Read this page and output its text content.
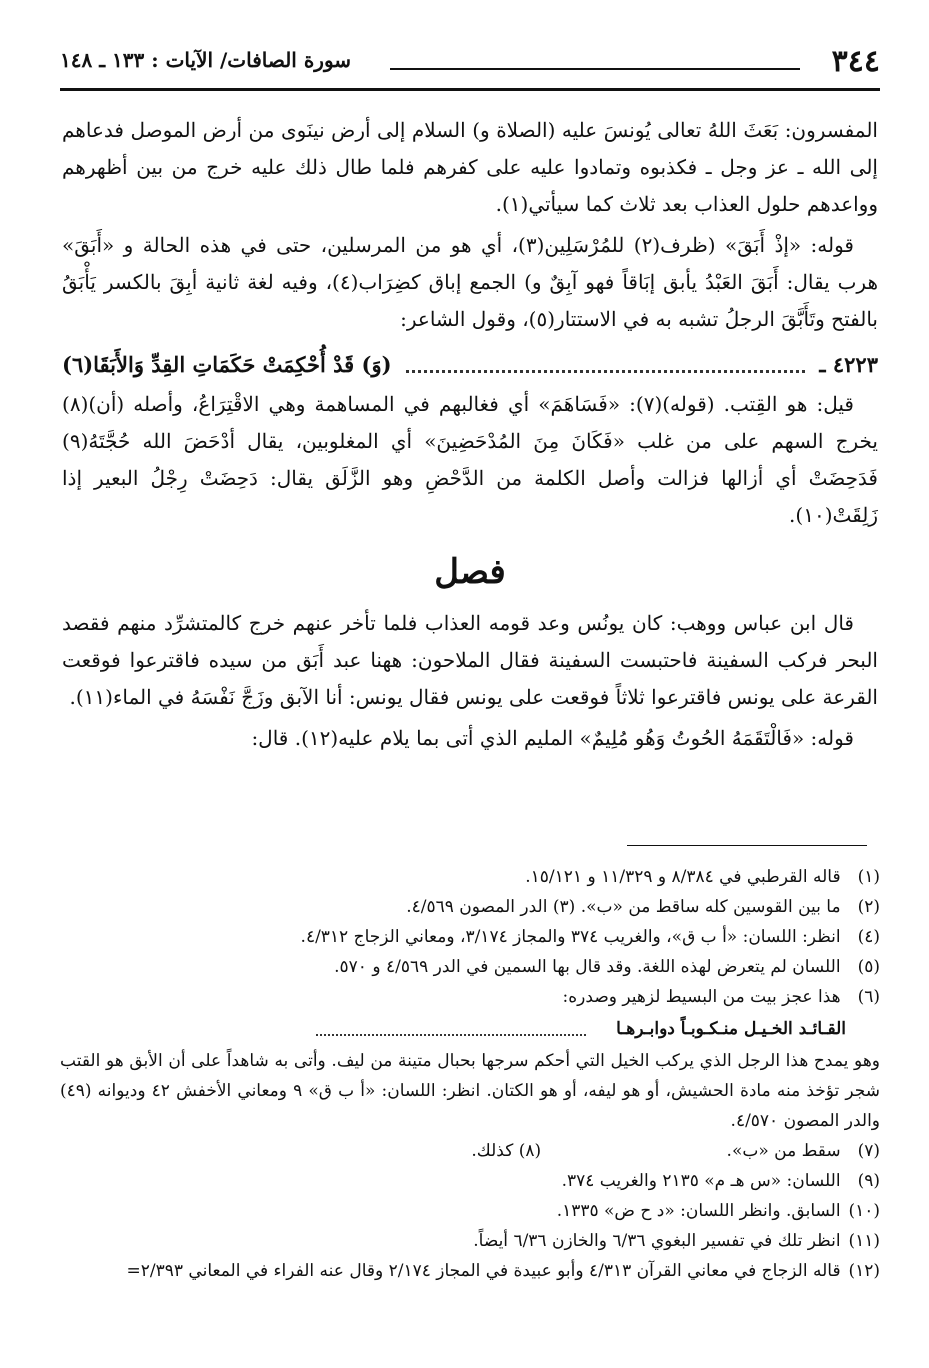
٣٤٤
سورة الصافات/ الآيات : ١٣٣ ـ ١٤٨

المفسرون: بَعَثَ اللهُ تعالى يُونسَ عليه (الصلاة و) السلام إلى أرض نينَوى من أرض الموصل فدعاهم إلى الله ـ عز وجل ـ فكذبوه وتمادوا عليه على كفرهم فلما طال ذلك عليه خرج من بين أظهرهم وواعدهم حلول العذاب بعد ثلاث كما سيأتي(١).

قوله: «إذْ أَبَقَ» (ظرف(٢) للمُرْسَلِين(٣)، أي هو من المرسلين، حتى في هذه الحالة و «أَبَقَ» هرب يقال: أَبَقَ العَبْدُ يأبق إبَاقاً فهو آبِقٌ و) الجمع إباق كضِرَاب(٤)، وفيه لغة ثانية أبِقَ بالكسر يَأْبَقُ بالفتح وتَأَبَّقَ الرجلُ تشبه به في الاستتار(٥)، وقول الشاعر:

٤٢٢٣ ـ
(وَ) قَدْ أُحْكِمَتْ حَكَمَاتِ القِدِّ وَالأَبَقَا(٦)

قيل: هو القِتب. (قوله)(٧): «فَسَاهَمَ» أي فغالبهم في المساهمة وهي الاقْتِرَاعُ، وأصله (أن)(٨) يخرج السهم على من غلب «فَكَانَ مِنَ المُدْحَضِينَ» أي المغلوبين، يقال أدْحَضَ الله حُجَّتَهُ(٩) فَدَحِضَتْ أي أزالها فزالت وأصل الكلمة من الدَّحْضِ وهو الزَّلَق يقال: دَحِضَتْ رِجْلُ البعير إذا زَلِقَتْ(١٠).

فصل

قال ابن عباس ووهب: كان يونُس وعد قومه العذاب فلما تأخر عنهم خرج كالمتشرِّد منهم فقصد البحر فركب السفينة فاحتبست السفينة فقال الملاحون: ههنا عبد أَبَق من سيده فاقترعوا فوقعت القرعة على يونس فاقترعوا ثلاثاً فوقعت على يونس فقال يونس: أنا الآبق وزَجَّ نَفْسَهُ في الماء(١١).

قوله: «فَالْتَقَمَهُ الحُوتُ وَهُو مُلِيمٌ» المليم الذي أتى بما يلام عليه(١٢). قال:

(١) قاله القرطبي في ٨/٣٨٤ و ١١/٣٢٩ و ١٥/١٢١.

(٢) ما بين القوسين كله ساقط من «ب». (٣) الدر المصون ٤/٥٦٩.

(٤) انظر: اللسان: «أ ب ق»، والغريب ٣٧٤ والمجاز ٣/١٧٤، ومعاني الزجاج ٤/٣١٢.

(٥) اللسان لم يتعرض لهذه اللغة. وقد قال بها السمين في الدر ٤/٥٦٩ و ٥٧٠.

(٦) هذا عجز بيت من البسيط لزهير وصدره:

القـائـد الخـيـل منـكـوبـاً دوابـرهـا

وهو يمدح هذا الرجل الذي يركب الخيل التي أحكم سرجها بحبال متينة من ليف. وأتى به شاهداً على أن الأبق هو القتب شجر تؤخذ منه مادة الحشيش، أو هو ليفه، أو هو الكتان. انظر: اللسان: «أ ب ق» ٩ ومعاني الأخفش ٤٢ وديوانه (٤٩) والدر المصون ٤/٥٧٠.

(٧) سقط من «ب». (٨) كذلك.

(٩) اللسان: «س هـ م» ٢١٣٥ والغريب ٣٧٤.

(١٠) السابق. وانظر اللسان: «د ح ض» ١٣٣٥.

(١١) انظر تلك في تفسير البغوي ٦/٣٦ والخازن ٦/٣٦ أيضاً.

(١٢) قاله الزجاج في معاني القرآن ٤/٣١٣ وأبو عبيدة في المجاز ٢/١٧٤ وقال عنه الفراء في المعاني ٢/٣٩٣=
